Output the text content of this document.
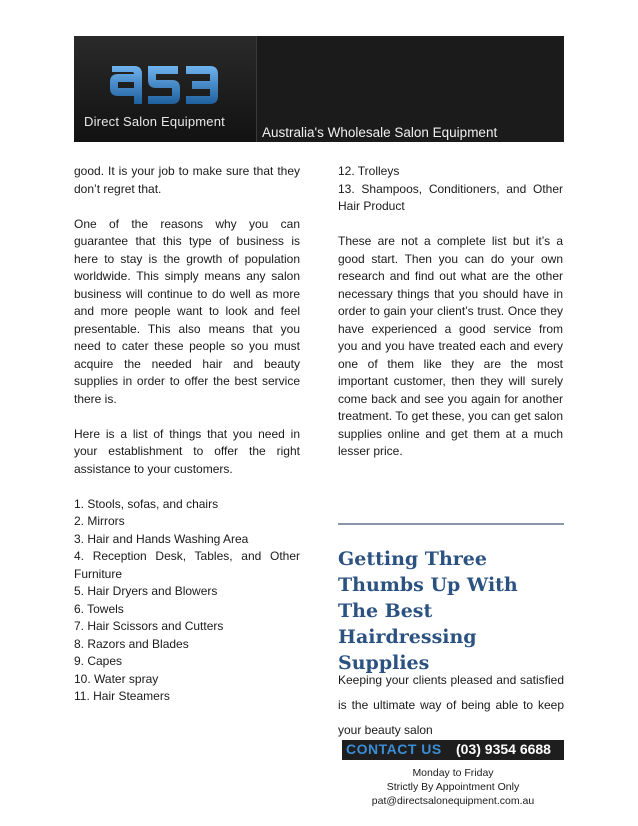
Direct Salon Equipment
Australia's Wholesale Salon Equipment

good. It is your job to make sure that they don’t regret that.

One of the reasons why you can guarantee that this type of business is here to stay is the growth of population worldwide. This simply means any salon business will continue to do well as more and more people want to look and feel presentable. This also means that you need to cater these people so you must acquire the needed hair and beauty supplies in order to offer the best service there is.

Here is a list of things that you need in your establishment to offer the right assistance to your customers.

1. Stools, sofas, and chairs
2. Mirrors
3. Hair and Hands Washing Area
4. Reception Desk, Tables, and Other Furniture
5. Hair Dryers and Blowers
6. Towels
7. Hair Scissors and Cutters
8. Razors and Blades
9. Capes
10. Water spray
11. Hair Steamers
12. Trolleys
13. Shampoos, Conditioners, and Other Hair Product

These are not a complete list but it’s a good start. Then you can do your own research and find out what are the other necessary things that you should have in order to gain your client’s trust. Once they have experienced a good service from you and you have treated each and every one of them like they are the most important customer, then they will surely come back and see you again for another treatment. To get these, you can get salon supplies online and get them at a much lesser price.

Getting Three Thumbs Up With The Best Hairdressing Supplies
Keeping your clients pleased and satisfied is the ultimate way of being able to keep your beauty salon
CONTACT US (03) 9354 6688
Monday to Friday
Strictly By Appointment Only
pat@directsalonequipment.com.au
